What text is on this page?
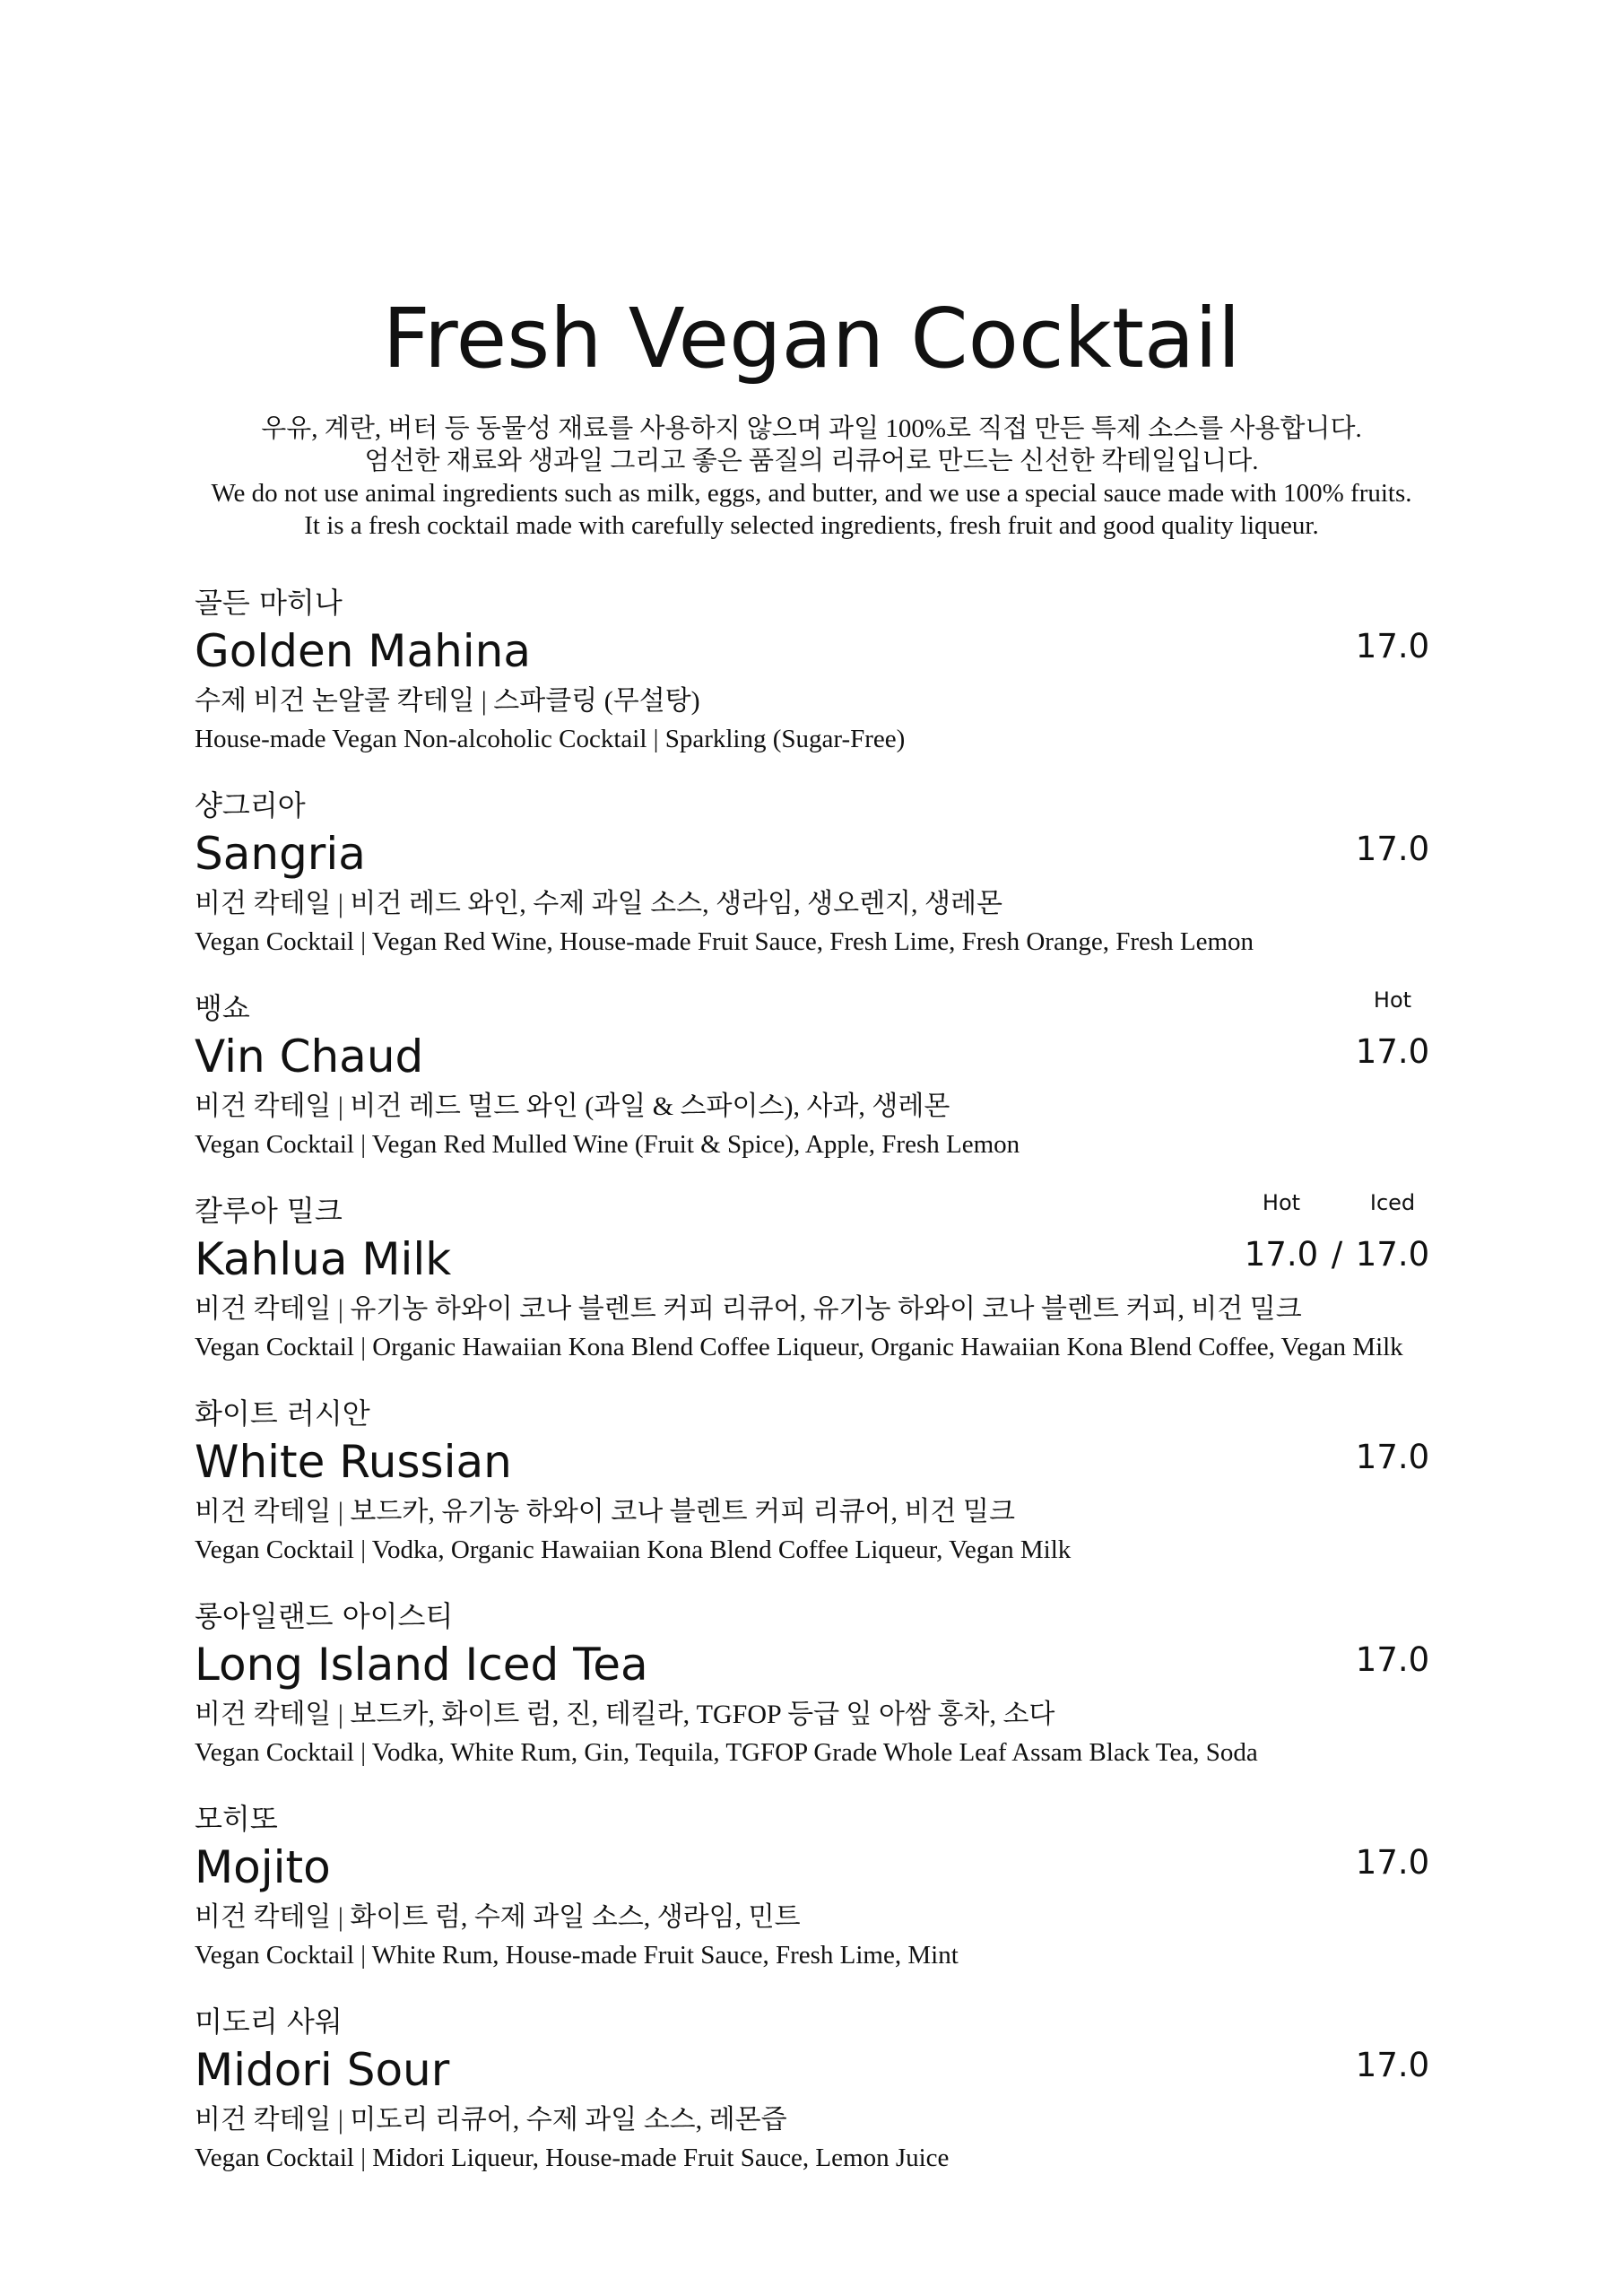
Fresh Vegan Cocktail

우유, 계란, 버터 등 동물성 재료를 사용하지 않으며 과일 100%로 직접 만든 특제 소스를 사용합니다.

엄선한 재료와 생과일 그리고 좋은 품질의 리큐어로 만드는 신선한 칵테일입니다.

We do not use animal ingredients such as milk, eggs, and butter, and we use a special sauce made with 100% fruits.

It is a fresh cocktail made with carefully selected ingredients, fresh fruit and good quality liqueur.

골든 마히나
Golden Mahina
수제 비건 논알콜 칵테일 | 스파클링 (무설탕)
House-made Vegan Non-alcoholic Cocktail | Sparkling (Sugar-Free)
17.0
샹그리아
Sangria
비건 칵테일 | 비건 레드 와인, 수제 과일 소스, 생라임, 생오렌지, 생레몬
Vegan Cocktail | Vegan Red Wine, House-made Fruit Sauce, Fresh Lime, Fresh Orange, Fresh Lemon
17.0
뱅쇼
Vin Chaud
비건 칵테일 | 비건 레드 멀드 와인 (과일 & 스파이스), 사과, 생레몬
Vegan Cocktail | Vegan Red Mulled Wine (Fruit & Spice), Apple, Fresh Lemon
Hot
17.0
칼루아 밀크
Kahlua Milk
비건 칵테일 | 유기농 하와이 코나 블렌트 커피 리큐어, 유기농 하와이 코나 블렌트 커피, 비건 밀크
Vegan Cocktail | Organic Hawaiian Kona Blend Coffee Liqueur, Organic Hawaiian Kona Blend Coffee, Vegan Milk
Hot	Iced
17.0 / 17.0
화이트 러시안
White Russian
비건 칵테일 | 보드카, 유기농 하와이 코나 블렌트 커피 리큐어, 비건 밀크
Vegan Cocktail | Vodka, Organic Hawaiian Kona Blend Coffee Liqueur, Vegan Milk
17.0
롱아일랜드 아이스티
Long Island Iced Tea
비건 칵테일 | 보드카, 화이트 럼, 진, 테킬라, TGFOP 등급 잎 아쌈 홍차, 소다
Vegan Cocktail | Vodka, White Rum, Gin, Tequila, TGFOP Grade Whole Leaf Assam Black Tea, Soda
17.0
모히또
Mojito
비건 칵테일 | 화이트 럼, 수제 과일 소스, 생라임, 민트
Vegan Cocktail | White Rum, House-made Fruit Sauce, Fresh Lime, Mint
17.0
미도리 사워
Midori Sour
비건 칵테일 | 미도리 리큐어, 수제 과일 소스, 레몬즙
Vegan Cocktail | Midori Liqueur, House-made Fruit Sauce, Lemon Juice
17.0
